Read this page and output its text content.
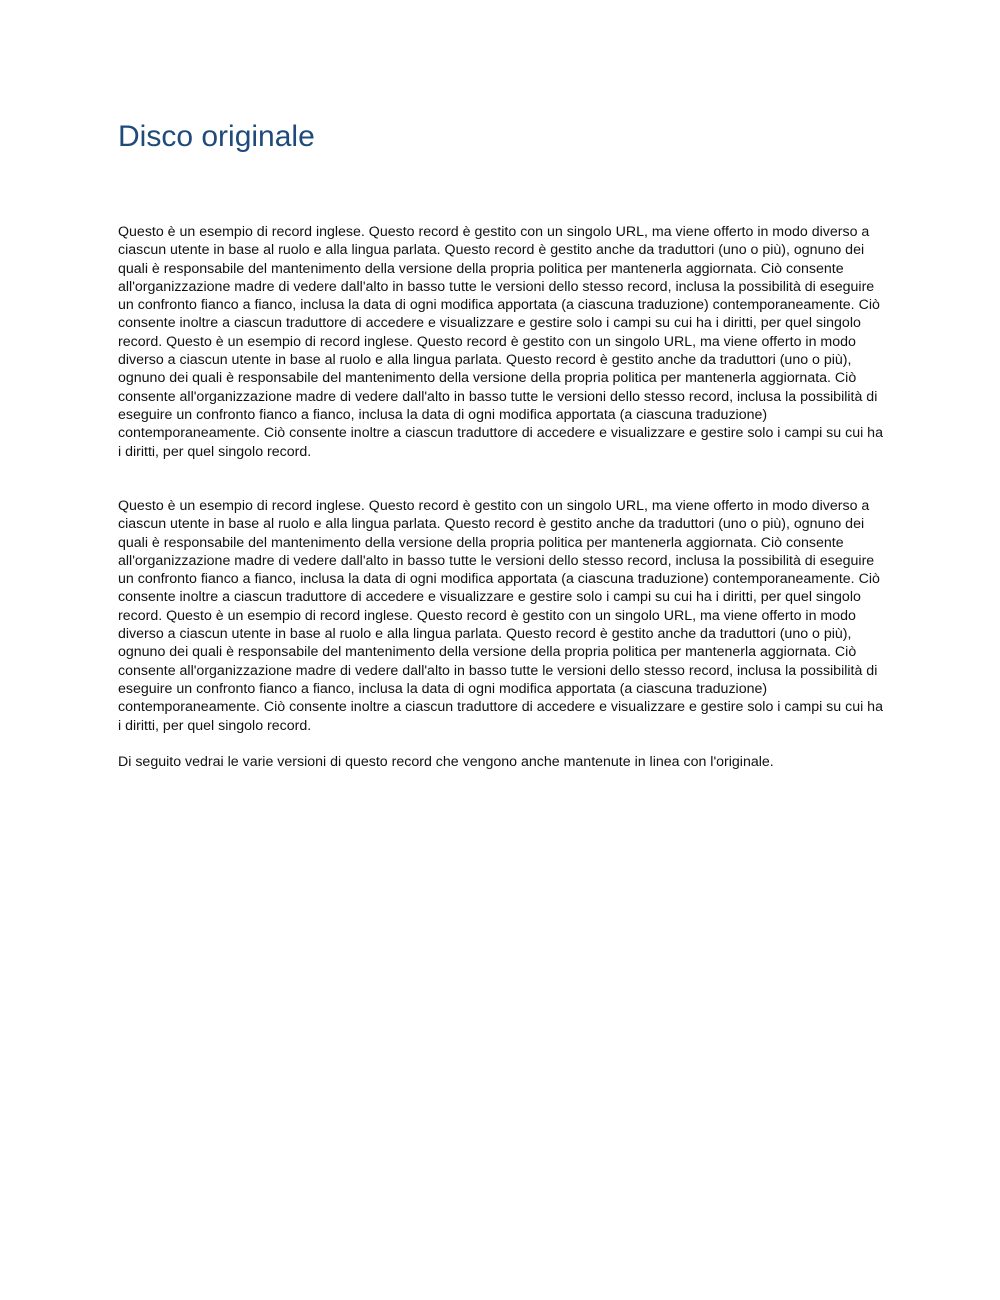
Disco originale

Questo è un esempio di record inglese. Questo record è gestito con un singolo URL, ma viene offerto in modo diverso a ciascun utente in base al ruolo e alla lingua parlata. Questo record è gestito anche da traduttori (uno o più), ognuno dei quali è responsabile del mantenimento della versione della propria politica per mantenerla aggiornata. Ciò consente all'organizzazione madre di vedere dall'alto in basso tutte le versioni dello stesso record, inclusa la possibilità di eseguire un confronto fianco a fianco, inclusa la data di ogni modifica apportata (a ciascuna traduzione) contemporaneamente. Ciò consente inoltre a ciascun traduttore di accedere e visualizzare e gestire solo i campi su cui ha i diritti, per quel singolo record. Questo è un esempio di record inglese. Questo record è gestito con un singolo URL, ma viene offerto in modo diverso a ciascun utente in base al ruolo e alla lingua parlata. Questo record è gestito anche da traduttori (uno o più), ognuno dei quali è responsabile del mantenimento della versione della propria politica per mantenerla aggiornata. Ciò consente all'organizzazione madre di vedere dall'alto in basso tutte le versioni dello stesso record, inclusa la possibilità di eseguire un confronto fianco a fianco, inclusa la data di ogni modifica apportata (a ciascuna traduzione) contemporaneamente. Ciò consente inoltre a ciascun traduttore di accedere e visualizzare e gestire solo i campi su cui ha i diritti, per quel singolo record.

Questo è un esempio di record inglese. Questo record è gestito con un singolo URL, ma viene offerto in modo diverso a ciascun utente in base al ruolo e alla lingua parlata. Questo record è gestito anche da traduttori (uno o più), ognuno dei quali è responsabile del mantenimento della versione della propria politica per mantenerla aggiornata. Ciò consente all'organizzazione madre di vedere dall'alto in basso tutte le versioni dello stesso record, inclusa la possibilità di eseguire un confronto fianco a fianco, inclusa la data di ogni modifica apportata (a ciascuna traduzione) contemporaneamente. Ciò consente inoltre a ciascun traduttore di accedere e visualizzare e gestire solo i campi su cui ha i diritti, per quel singolo record. Questo è un esempio di record inglese. Questo record è gestito con un singolo URL, ma viene offerto in modo diverso a ciascun utente in base al ruolo e alla lingua parlata. Questo record è gestito anche da traduttori (uno o più), ognuno dei quali è responsabile del mantenimento della versione della propria politica per mantenerla aggiornata. Ciò consente all'organizzazione madre di vedere dall'alto in basso tutte le versioni dello stesso record, inclusa la possibilità di eseguire un confronto fianco a fianco, inclusa la data di ogni modifica apportata (a ciascuna traduzione) contemporaneamente. Ciò consente inoltre a ciascun traduttore di accedere e visualizzare e gestire solo i campi su cui ha i diritti, per quel singolo record.

Di seguito vedrai le varie versioni di questo record che vengono anche mantenute in linea con l'originale.
